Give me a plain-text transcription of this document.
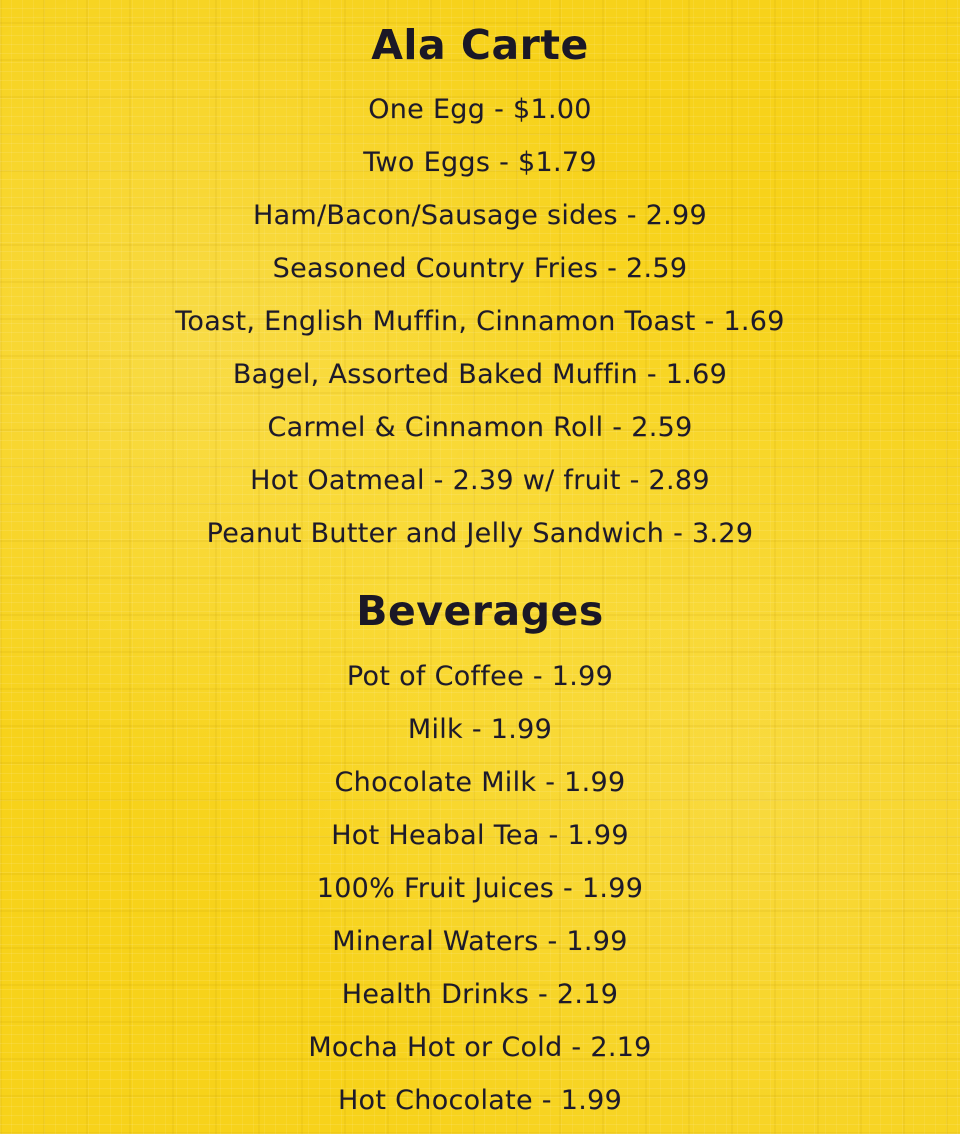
Ala Carte
One Egg - $1.00
Two Eggs - $1.79
Ham/Bacon/Sausage sides - 2.99
Seasoned Country Fries - 2.59
Toast, English Muffin, Cinnamon Toast - 1.69
Bagel, Assorted Baked Muffin - 1.69
Carmel & Cinnamon Roll - 2.59
Hot Oatmeal - 2.39 w/ fruit - 2.89
Peanut Butter and Jelly Sandwich - 3.29
Beverages
Pot of Coffee - 1.99
Milk - 1.99
Chocolate Milk - 1.99
Hot Heabal Tea - 1.99
100% Fruit Juices - 1.99
Mineral Waters - 1.99
Health Drinks - 2.19
Mocha Hot or Cold - 2.19
Hot Chocolate - 1.99
